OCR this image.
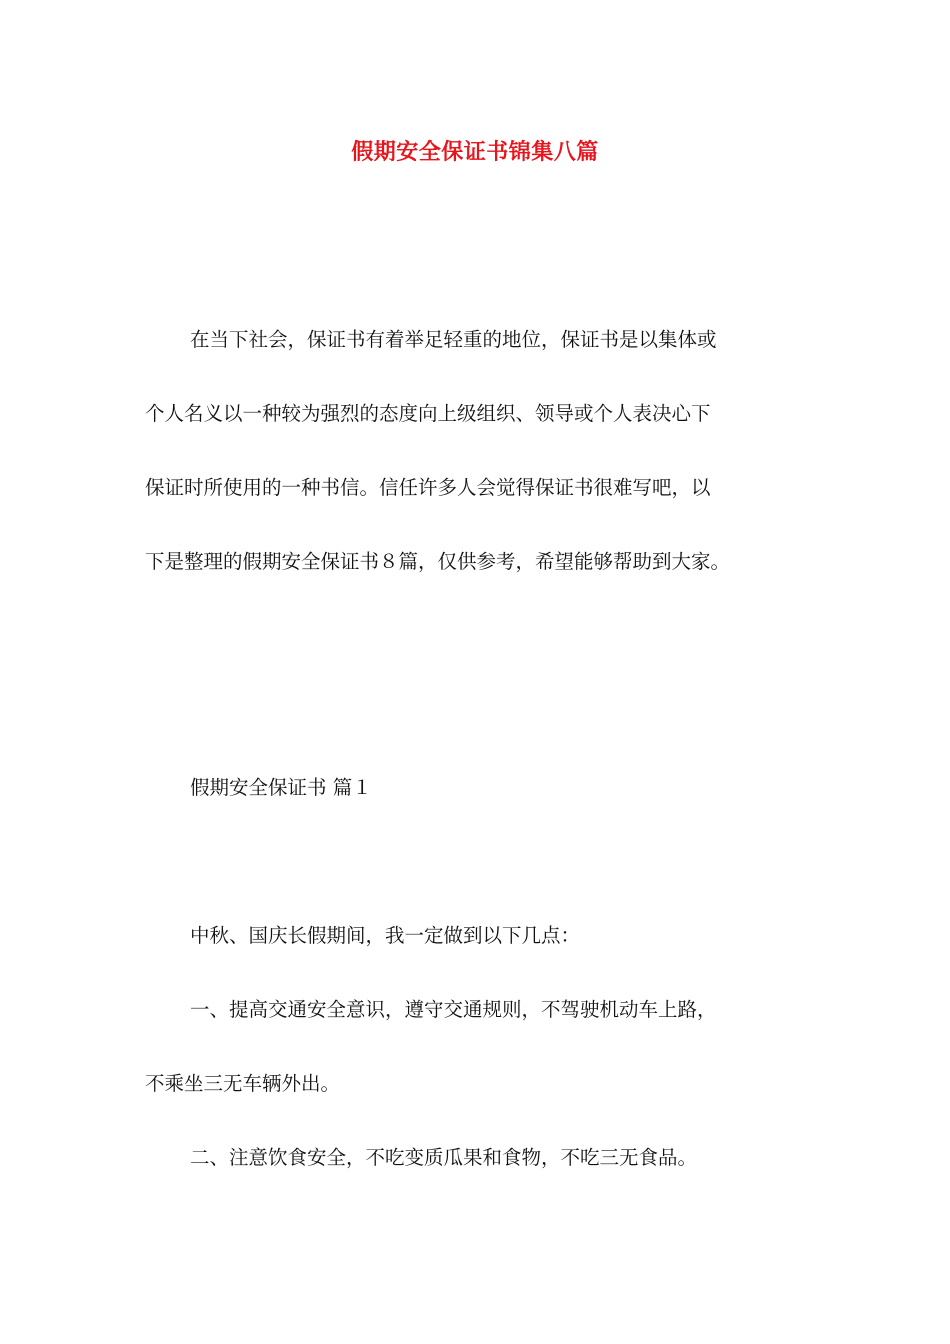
假期安全保证书锦集八篇
在当下社会，保证书有着举足轻重的地位，保证书是以集体或
个人名义以一种较为强烈的态度向上级组织、领导或个人表决心下
保证时所使用的一种书信。信任许多人会觉得保证书很难写吧，以
下是整理的假期安全保证书８篇，仅供参考，希望能够帮助到大家。
假期安全保证书 篇１
中秋、国庆长假期间，我一定做到以下几点：
一、提高交通安全意识，遵守交通规则，不驾驶机动车上路，
不乘坐三无车辆外出。
二、注意饮食安全，不吃变质瓜果和食物，不吃三无食品。
